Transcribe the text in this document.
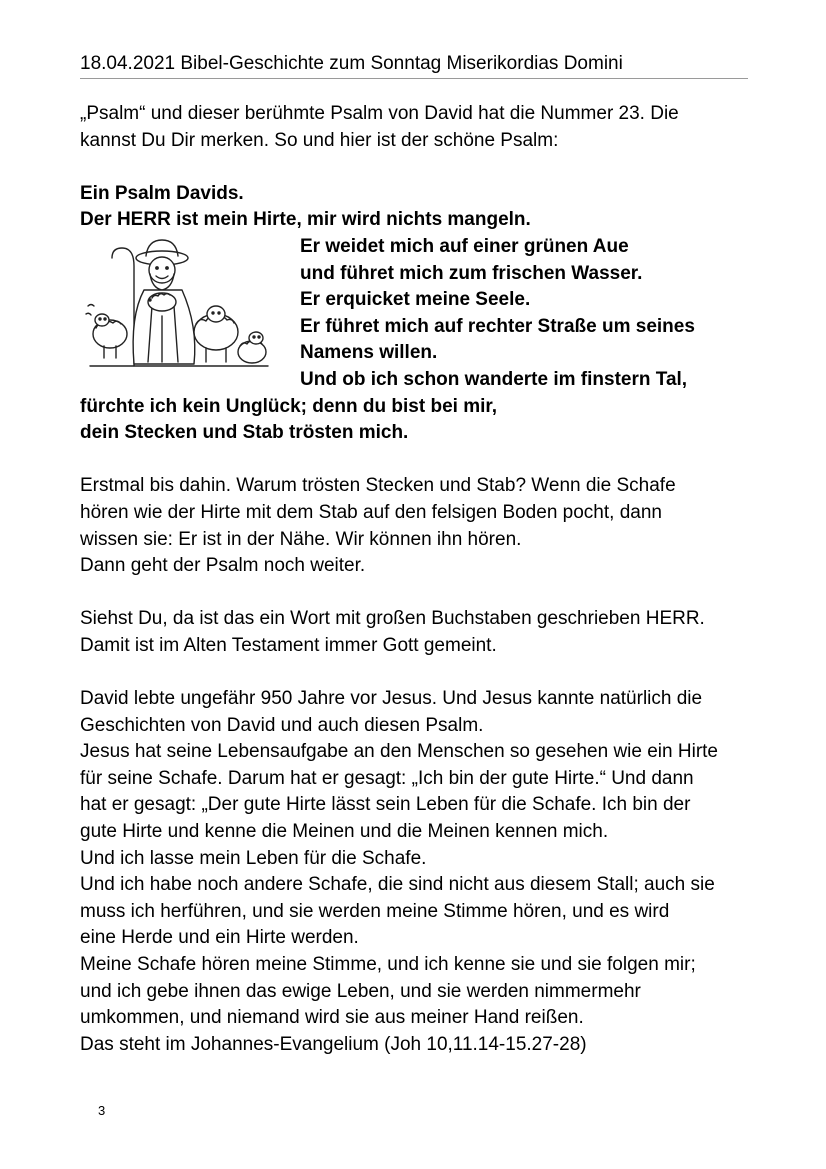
18.04.2021 Bibel-Geschichte zum Sonntag Miserikordias Domini
„Psalm“ und dieser berühmte Psalm von David hat die Nummer 23. Die
kannst Du Dir merken. So und hier ist der schöne Psalm:
Ein Psalm Davids.
Der HERR ist mein Hirte, mir wird nichts mangeln.
Er weidet mich auf einer grünen Aue
und führet mich zum frischen Wasser.
Er erquicket meine Seele.
Er führet mich auf rechter Straße um seines
Namens willen.
Und ob ich schon wanderte im finstern Tal,
fürchte ich kein Unglück; denn du bist bei mir,
dein Stecken und Stab trösten mich.
Erstmal bis dahin. Warum trösten Stecken und Stab? Wenn die Schafe
hören wie der Hirte mit dem Stab auf den felsigen Boden pocht, dann
wissen sie: Er ist in der Nähe. Wir können ihn hören.
Dann geht der Psalm noch weiter.
Siehst Du, da ist das ein Wort mit großen Buchstaben geschrieben HERR.
Damit ist im Alten Testament immer Gott gemeint.
David lebte ungefähr 950 Jahre vor Jesus. Und Jesus kannte natürlich die
Geschichten von David und auch diesen Psalm.
Jesus hat seine Lebensaufgabe an den Menschen so gesehen wie ein Hirte
für seine Schafe. Darum hat er gesagt: „Ich bin der gute Hirte.“ Und dann
hat er gesagt: „Der gute Hirte lässt sein Leben für die Schafe. Ich bin der
gute Hirte und kenne die Meinen und die Meinen kennen mich.
Und ich lasse mein Leben für die Schafe.
Und ich habe noch andere Schafe, die sind nicht aus diesem Stall; auch sie
muss ich herführen, und sie werden meine Stimme hören, und es wird
eine Herde und ein Hirte werden.
Meine Schafe hören meine Stimme, und ich kenne sie und sie folgen mir;
und ich gebe ihnen das ewige Leben, und sie werden nimmermehr
umkommen, und niemand wird sie aus meiner Hand reißen.
Das steht im Johannes-Evangelium (Joh 10,11.14-15.27-28)
3
